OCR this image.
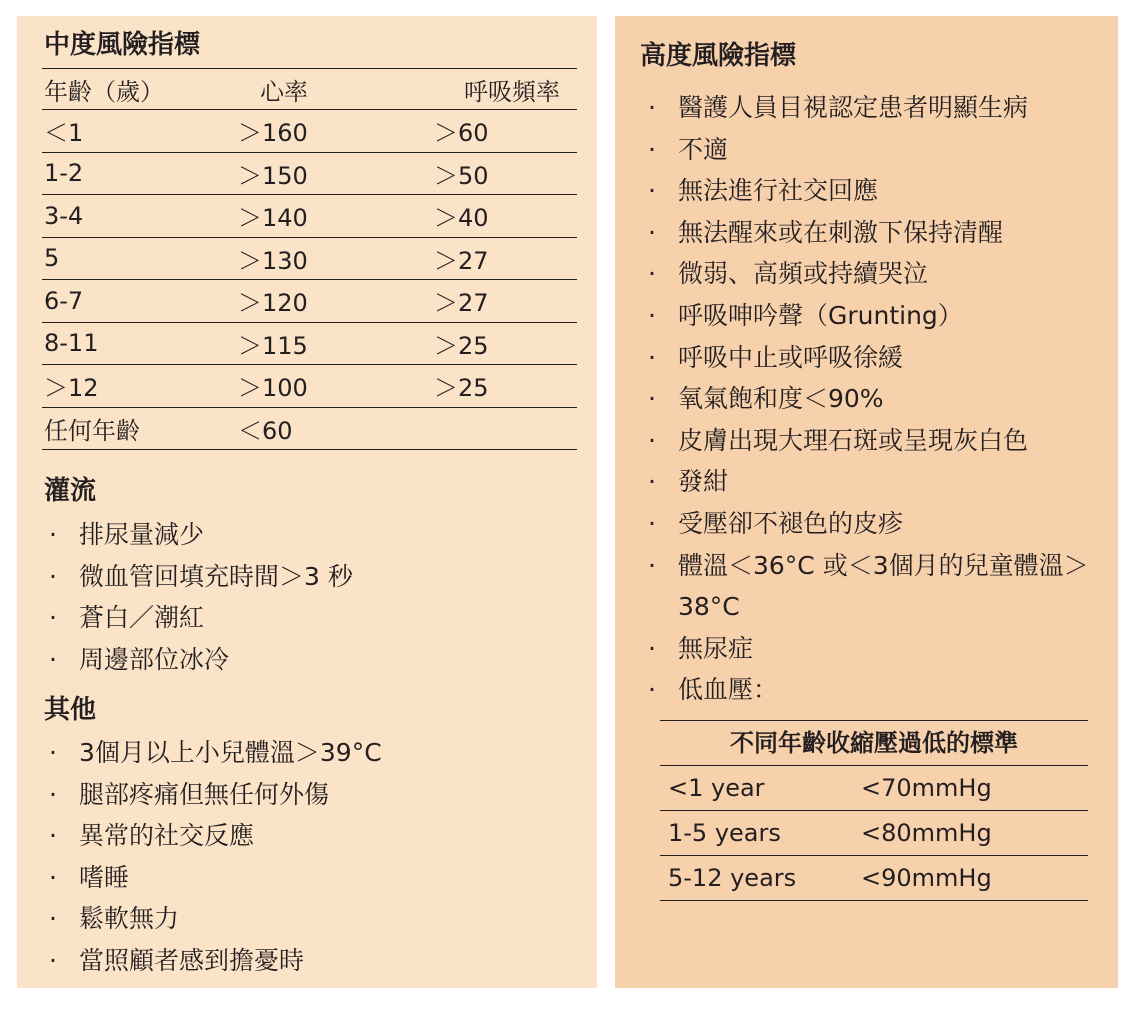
中度風險指標
年齡（歲）	心率	呼吸頻率
＜1	＞160	＞60
1-2	＞150	＞50
3-4	＞140	＞40
5	＞130	＞27
6-7	＞120	＞27
8-11	＞115	＞25
＞12	＞100	＞25
任何年齡	＜60
灌流
· 排尿量減少
· 微血管回填充時間＞3 秒
· 蒼白／潮紅
· 周邊部位冰冷
其他
· 3個月以上小兒體溫＞39°C
· 腿部疼痛但無任何外傷
· 異常的社交反應
· 嗜睡
· 鬆軟無力
· 當照顧者感到擔憂時
高度風險指標
· 醫護人員目視認定患者明顯生病
· 不適
· 無法進行社交回應
· 無法醒來或在刺激下保持清醒
· 微弱、高頻或持續哭泣
· 呼吸呻吟聲（Grunting）
· 呼吸中止或呼吸徐緩
· 氧氣飽和度＜90%
· 皮膚出現大理石斑或呈現灰白色
· 發紺
· 受壓卻不褪色的皮疹
· 體溫＜36°C 或＜3個月的兒童體溫＞38°C
· 無尿症
· 低血壓：
不同年齡收縮壓過低的標準
<1 year	<70mmHg
1-5 years	<80mmHg
5-12 years	<90mmHg
